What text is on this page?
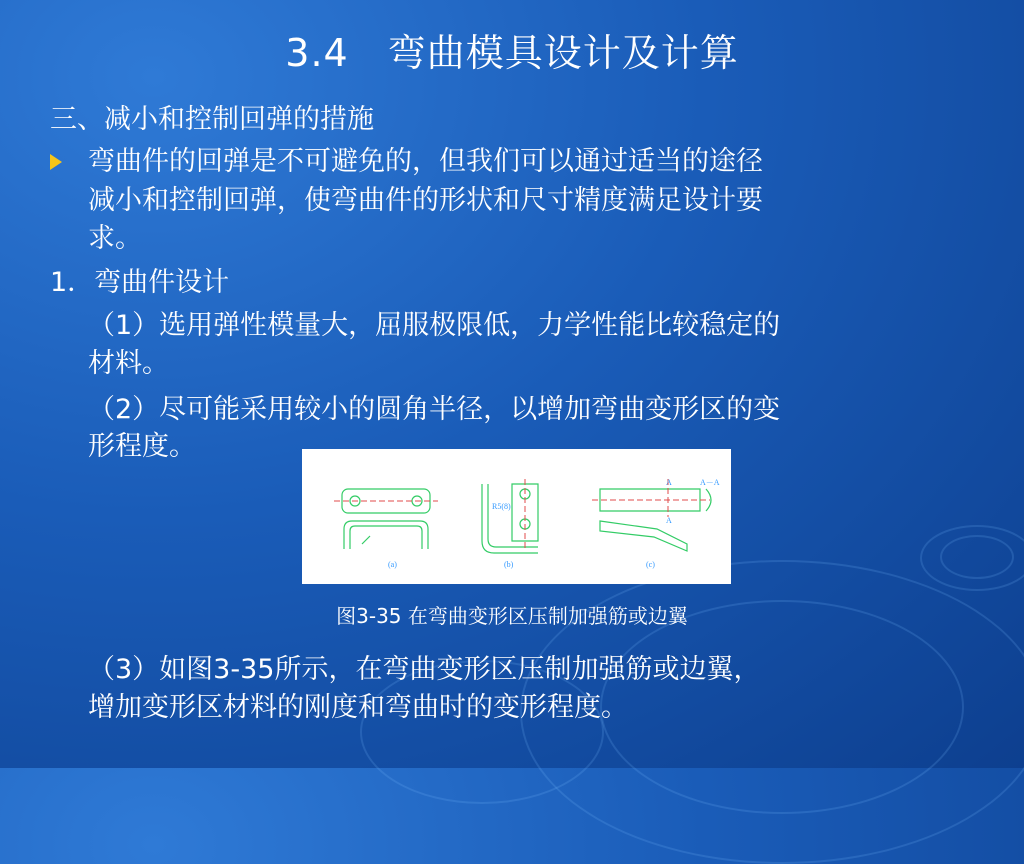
3.4　弯曲模具设计及计算
三、减小和控制回弹的措施
弯曲件的回弹是不可避免的，但我们可以通过适当的途径
减小和控制回弹，使弯曲件的形状和尺寸精度满足设计要
求。
1．弯曲件设计
（1）选用弹性模量大，屈服极限低，力学性能比较稳定的
材料。
（2）尽可能采用较小的圆角半径，以增加弯曲变形区的变
形程度。
(a)	(b)	(c)
R5(8)
A
A
A－A
图3-35 在弯曲变形区压制加强筋或边翼
（3）如图3-35所示，在弯曲变形区压制加强筋或边翼，
增加变形区材料的刚度和弯曲时的变形程度。
